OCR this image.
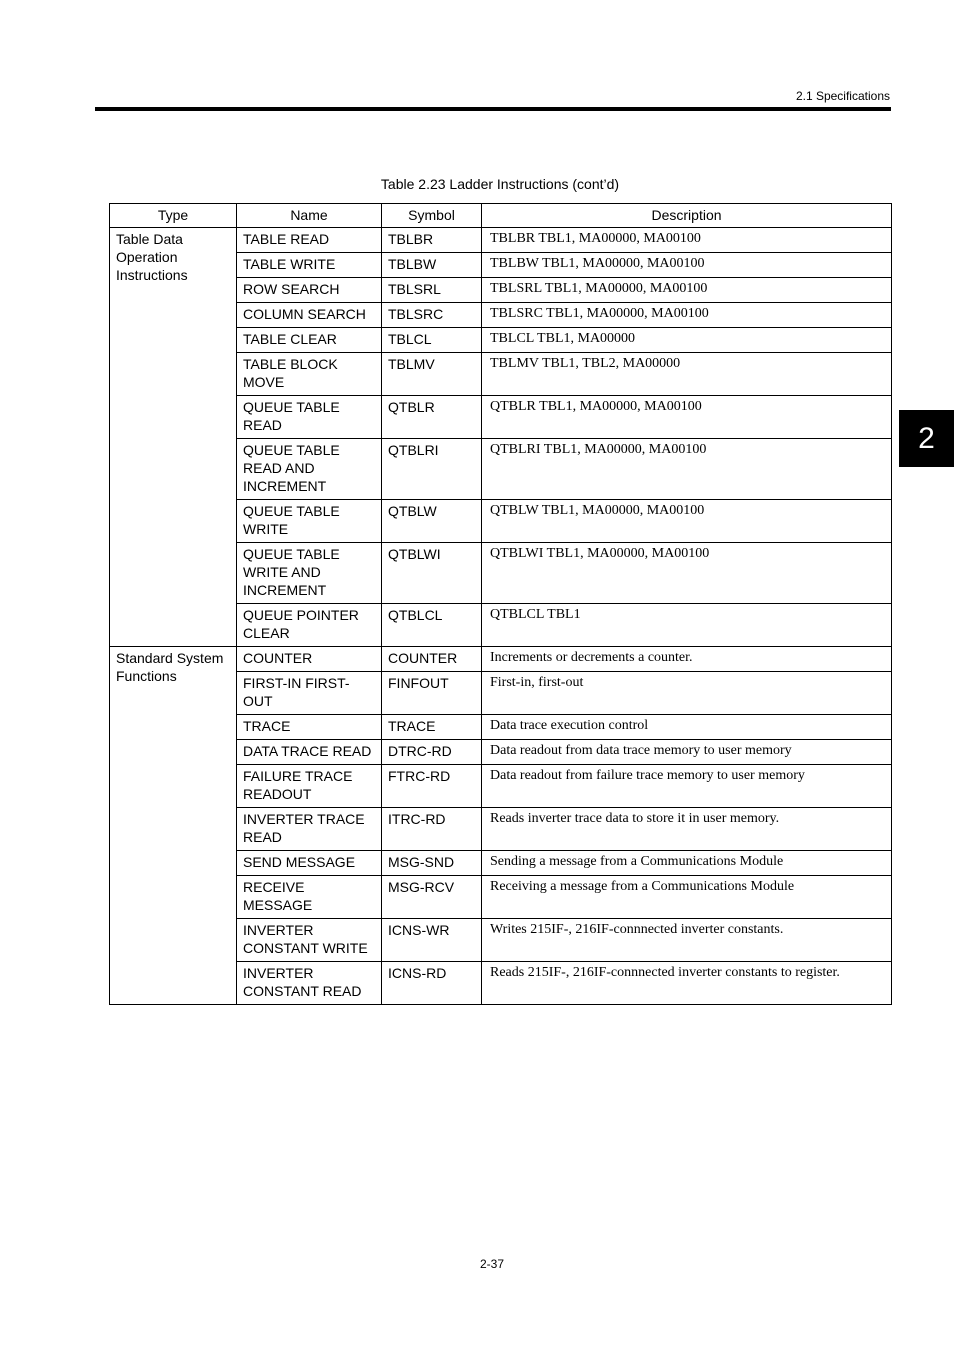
2.1 Specifications
2
Table 2.23 Ladder Instructions (cont’d)
Type	Name	Symbol	Description
Table Data Operation Instructions	TABLE READ	TBLBR	TBLBR TBL1, MA00000, MA00100
	TABLE WRITE	TBLBW	TBLBW TBL1, MA00000, MA00100
	ROW SEARCH	TBLSRL	TBLSRL TBL1, MA00000, MA00100
	COLUMN SEARCH	TBLSRC	TBLSRC TBL1, MA00000, MA00100
	TABLE CLEAR	TBLCL	TBLCL TBL1, MA00000
	TABLE BLOCK MOVE	TBLMV	TBLMV TBL1, TBL2, MA00000
	QUEUE TABLE READ	QTBLR	QTBLR TBL1, MA00000, MA00100
	QUEUE TABLE READ AND INCREMENT	QTBLRI	QTBLRI TBL1, MA00000, MA00100
	QUEUE TABLE WRITE	QTBLW	QTBLW TBL1, MA00000, MA00100
	QUEUE TABLE WRITE AND INCREMENT	QTBLWI	QTBLWI TBL1, MA00000, MA00100
	QUEUE POINTER CLEAR	QTBLCL	QTBLCL TBL1
Standard System Functions	COUNTER	COUNTER	Increments or decrements a counter.
	FIRST-IN FIRST-OUT	FINFOUT	First-in, first-out
	TRACE	TRACE	Data trace execution control
	DATA TRACE READ	DTRC-RD	Data readout from data trace memory to user memory
	FAILURE TRACE READOUT	FTRC-RD	Data readout from failure trace memory to user memory
	INVERTER TRACE READ	ITRC-RD	Reads inverter trace data to store it in user memory.
	SEND MESSAGE	MSG-SND	Sending a message from a Communications Module
	RECEIVE MESSAGE	MSG-RCV	Receiving a message from a Communications Module
	INVERTER CONSTANT WRITE	ICNS-WR	Writes 215IF-, 216IF-connnected inverter constants.
	INVERTER CONSTANT READ	ICNS-RD	Reads 215IF-, 216IF-connnected inverter constants to register.
2-37
